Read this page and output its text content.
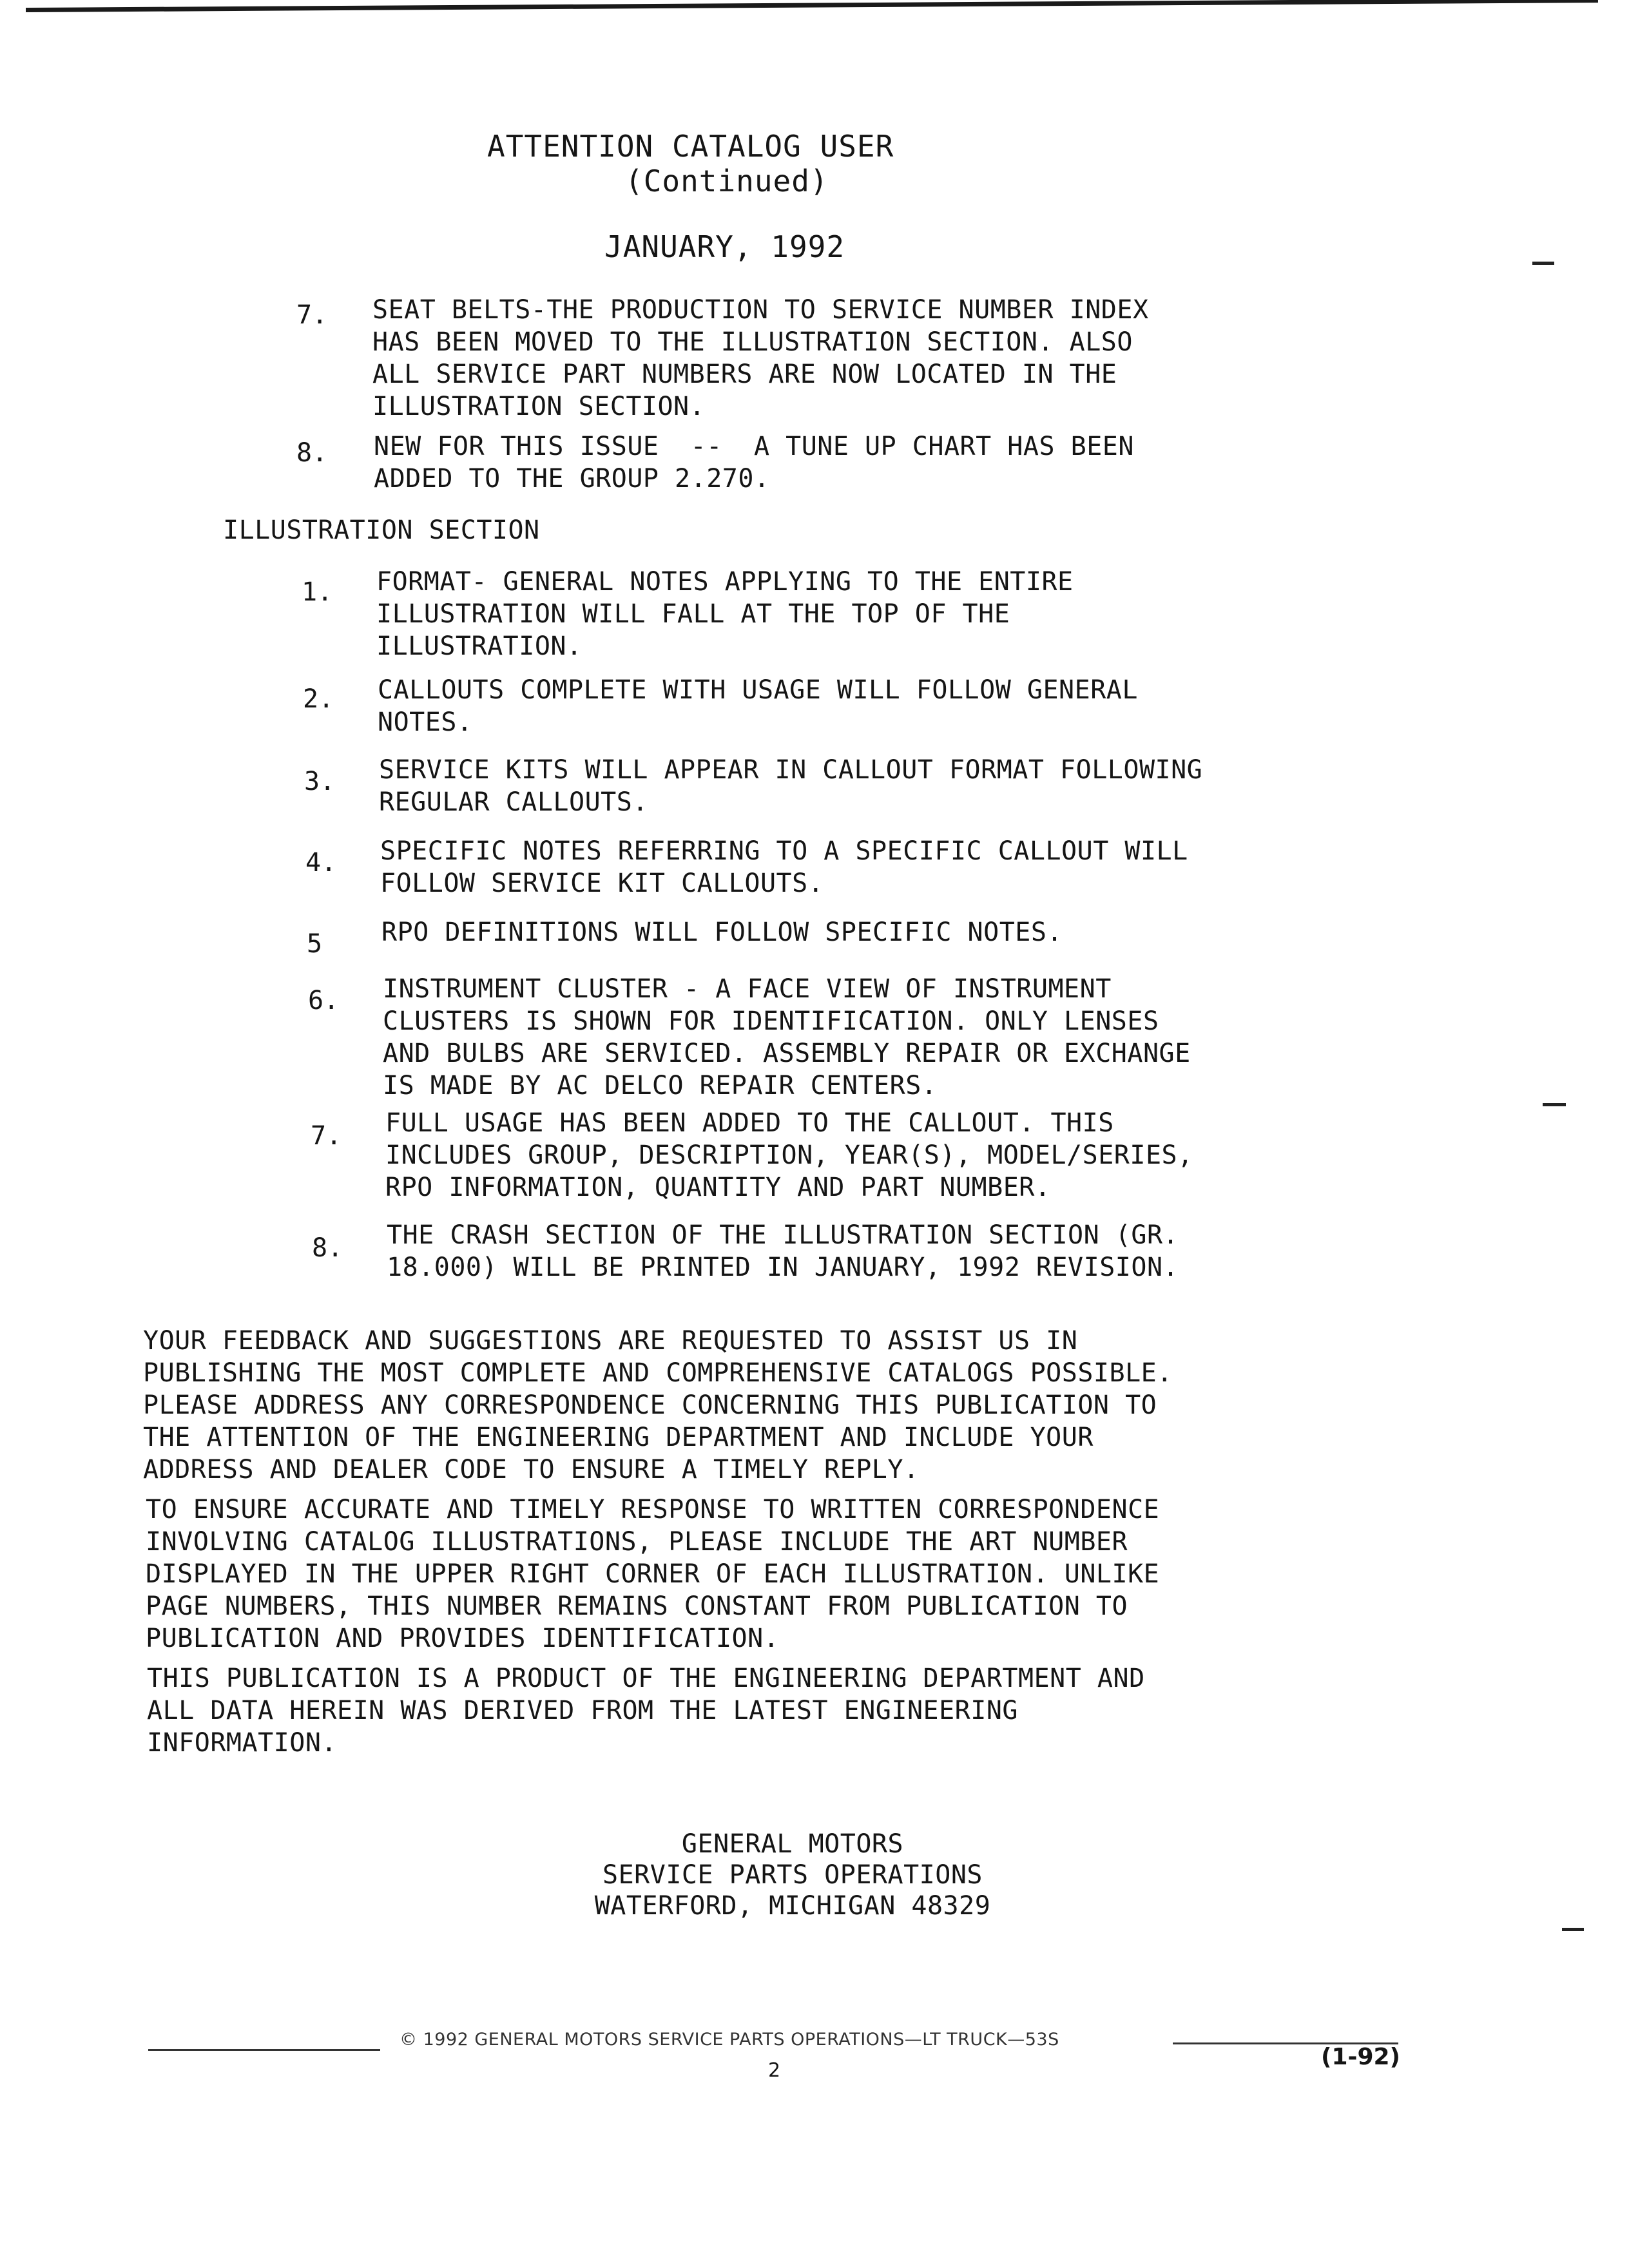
ATTENTION CATALOG USER
(Continued)
JANUARY, 1992
7. SEAT BELTS-THE PRODUCTION TO SERVICE NUMBER INDEX
HAS BEEN MOVED TO THE ILLUSTRATION SECTION. ALSO
ALL SERVICE PART NUMBERS ARE NOW LOCATED IN THE
ILLUSTRATION SECTION.
8. NEW FOR THIS ISSUE  --  A TUNE UP CHART HAS BEEN
ADDED TO THE GROUP 2.270.
ILLUSTRATION SECTION
1. FORMAT- GENERAL NOTES APPLYING TO THE ENTIRE
ILLUSTRATION WILL FALL AT THE TOP OF THE
ILLUSTRATION.
2. CALLOUTS COMPLETE WITH USAGE WILL FOLLOW GENERAL
NOTES.
3. SERVICE KITS WILL APPEAR IN CALLOUT FORMAT FOLLOWING
REGULAR CALLOUTS.
4. SPECIFIC NOTES REFERRING TO A SPECIFIC CALLOUT WILL
FOLLOW SERVICE KIT CALLOUTS.
5 RPO DEFINITIONS WILL FOLLOW SPECIFIC NOTES.
6. INSTRUMENT CLUSTER - A FACE VIEW OF INSTRUMENT
CLUSTERS IS SHOWN FOR IDENTIFICATION. ONLY LENSES
AND BULBS ARE SERVICED. ASSEMBLY REPAIR OR EXCHANGE
IS MADE BY AC DELCO REPAIR CENTERS.
7. FULL USAGE HAS BEEN ADDED TO THE CALLOUT. THIS
INCLUDES GROUP, DESCRIPTION, YEAR(S), MODEL/SERIES,
RPO INFORMATION, QUANTITY AND PART NUMBER.
8. THE CRASH SECTION OF THE ILLUSTRATION SECTION (GR.
18.000) WILL BE PRINTED IN JANUARY, 1992 REVISION.
YOUR FEEDBACK AND SUGGESTIONS ARE REQUESTED TO ASSIST US IN
PUBLISHING THE MOST COMPLETE AND COMPREHENSIVE CATALOGS POSSIBLE.
PLEASE ADDRESS ANY CORRESPONDENCE CONCERNING THIS PUBLICATION TO
THE ATTENTION OF THE ENGINEERING DEPARTMENT AND INCLUDE YOUR
ADDRESS AND DEALER CODE TO ENSURE A TIMELY REPLY.
TO ENSURE ACCURATE AND TIMELY RESPONSE TO WRITTEN CORRESPONDENCE
INVOLVING CATALOG ILLUSTRATIONS, PLEASE INCLUDE THE ART NUMBER
DISPLAYED IN THE UPPER RIGHT CORNER OF EACH ILLUSTRATION. UNLIKE
PAGE NUMBERS, THIS NUMBER REMAINS CONSTANT FROM PUBLICATION TO
PUBLICATION AND PROVIDES IDENTIFICATION.
THIS PUBLICATION IS A PRODUCT OF THE ENGINEERING DEPARTMENT AND
ALL DATA HEREIN WAS DERIVED FROM THE LATEST ENGINEERING
INFORMATION.
GENERAL MOTORS
SERVICE PARTS OPERATIONS
WATERFORD, MICHIGAN 48329
© 1992 GENERAL MOTORS SERVICE PARTS OPERATIONS—LT TRUCK—53S
2
(1-92)
